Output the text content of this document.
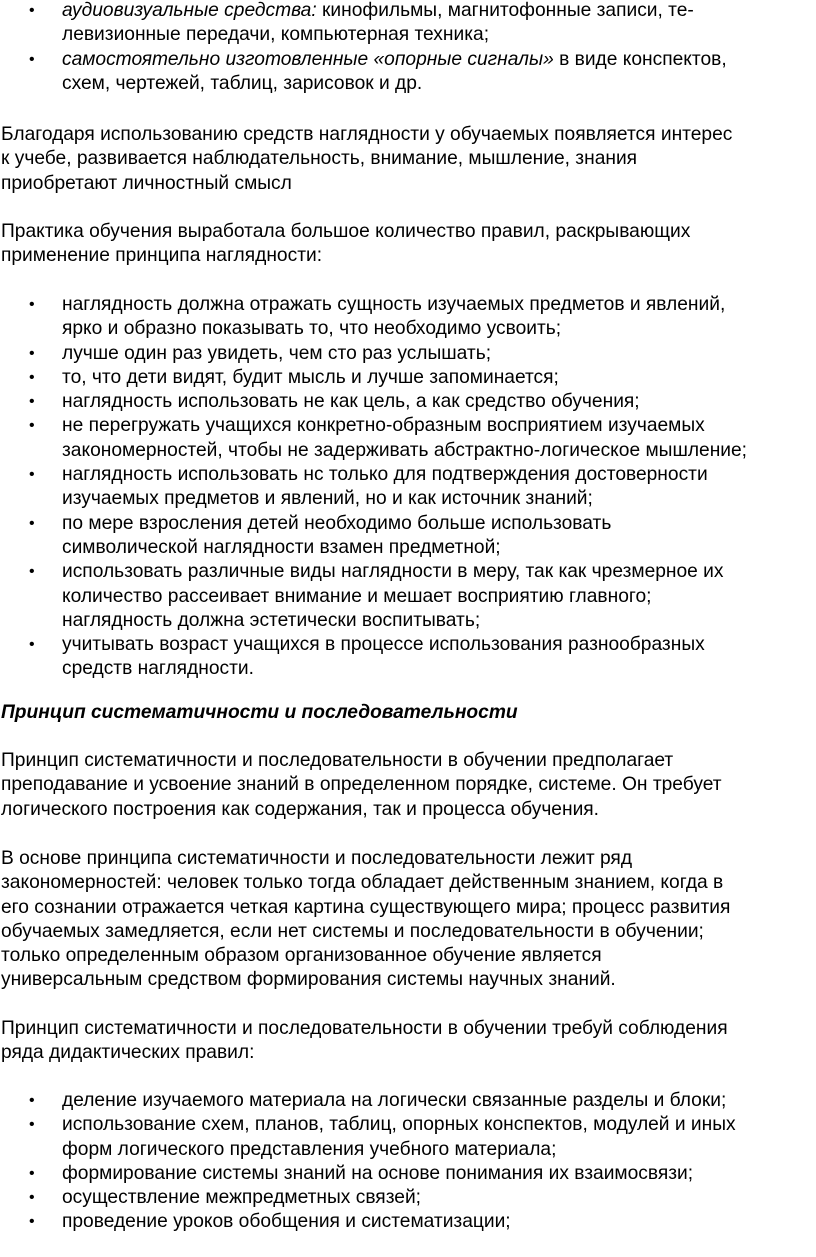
• аудиовизуальные средства: кинофильмы, магнитофонные записи, те-
левизионные передачи, компьютерная техника;
• самостоятельно изготовленные «опорные сигналы» в виде конспектов,
схем, чертежей, таблиц, зарисовок и др.

Благодаря использованию средств наглядности у обучаемых появляется интерес
к учебе, развивается наблюдательность, внимание, мышление, знания
приобретают личностный смысл

Практика обучения выработала большое количество правил, раскрывающих
применение принципа наглядности:

• наглядность должна отражать сущность изучаемых предметов и явлений,
ярко и образно показывать то, что необходимо усвоить;
• лучше один раз увидеть, чем сто раз услышать;
• то, что дети видят, будит мысль и лучше запоминается;
• наглядность использовать не как цель, а как средство обучения;
• не перегружать учащихся конкретно-образным восприятием изучаемых
закономерностей, чтобы не задерживать абстрактно-логическое мышление;
• наглядность использовать нс только для подтверждения достоверности
изучаемых предметов и явлений, но и как источник знаний;
• по мере взросления детей необходимо больше использовать
символической наглядности взамен предметной;
• использовать различные виды наглядности в меру, так как чрезмерное их
количество рассеивает внимание и мешает восприятию главного;
наглядность должна эстетически воспитывать;
• учитывать возраст учащихся в процессе использования разнообразных
средств наглядности.
Принцип систематичности и последовательности

Принцип систематичности и последовательности в обучении предполагает
преподавание и усвоение знаний в определенном порядке, системе. Он требует
логического построения как содержания, так и процесса обучения.

В основе принципа систематичности и последовательности лежит ряд
закономерностей: человек только тогда обладает действенным знанием, когда в
его сознании отражается четкая картина существующего мира; процесс развития
обучаемых замедляется, если нет системы и последовательности в обучении;
только определенным образом организованное обучение является
универсальным средством формирования системы научных знаний.

Принцип систематичности и последовательности в обучении требуй соблюдения
ряда дидактических правил:

• деление изучаемого материала на логически связанные разделы и блоки;
• использование схем, планов, таблиц, опорных конспектов, модулей и иных
форм логического представления учебного материала;
• формирование системы знаний на основе понимания их взаимосвязи;
• осуществление межпредметных связей;
• проведение уроков обобщения и систематизации;
